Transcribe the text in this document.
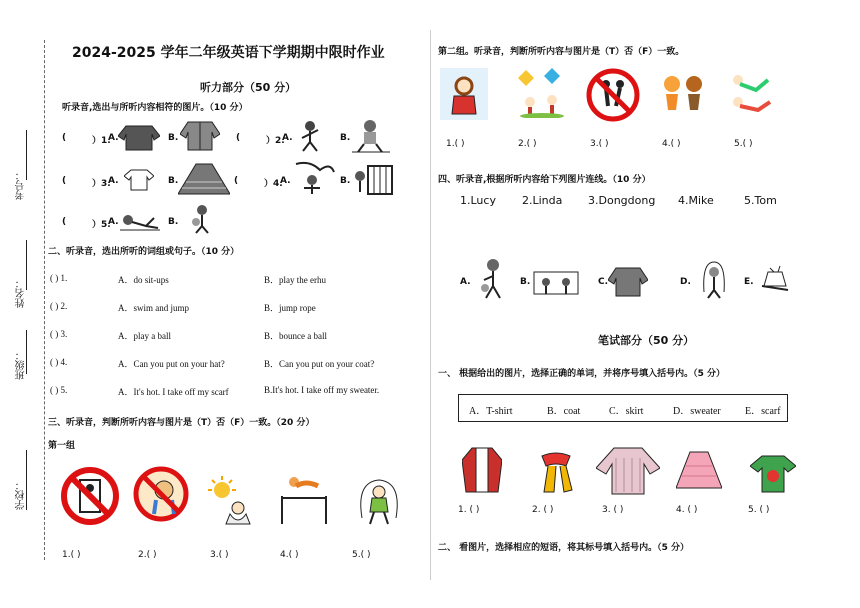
考号：
姓名：
班级：
学校：
2024-2025 学年二年级英语下学期期中限时作业
听力部分（50 分）
听录音,选出与所听内容相符的图片。（10 分）
(	）1.
A.	B.	(	）2.
A.	B.
(	）3.
A.	B.	(	）4.
A.	B.
(	）5.
A.	B.
二、听录音，选出所听的词组或句子。（10 分）
( ) 1.	A．do sit-ups	B．play the erhu
( ) 2.	A．swim and jump	B．jump rope
( ) 3.	A．play a ball	B．bounce a ball
( ) 4.	A．Can you put on your hat?	B．Can you put on your coat?
( ) 5.	A．It's hot. I take off my scarf	B.It's hot. I take off my sweater.
三、听录音，判断所听内容与图片是（T）否（F）一致。（20 分）
第一组
1.( )	2.( )	3.( )	4.( )	5.( )
第二组。听录音，判断所听内容与图片是（T）否（F）一致。
1.( )	2.( )	3.( )	4.( )	5.( )
四、听录音,根据所听内容给下列图片连线。（10 分）
1.Lucy 2.Linda 3.Dongdong 4.Mike	5.Tom
A.	B.	C.	D.	E.
笔试部分（50 分）
一、 根据给出的图片，选择正确的单词，并将序号填入括号内。（5 分）
A．T-shirt	B．coat	C．skirt	D．sweater E．scarf
1. ( )	2. ( )	3. ( )	4. ( )	5. ( )
二、 看图片，选择相应的短语，将其标号填入括号内。（5 分）
